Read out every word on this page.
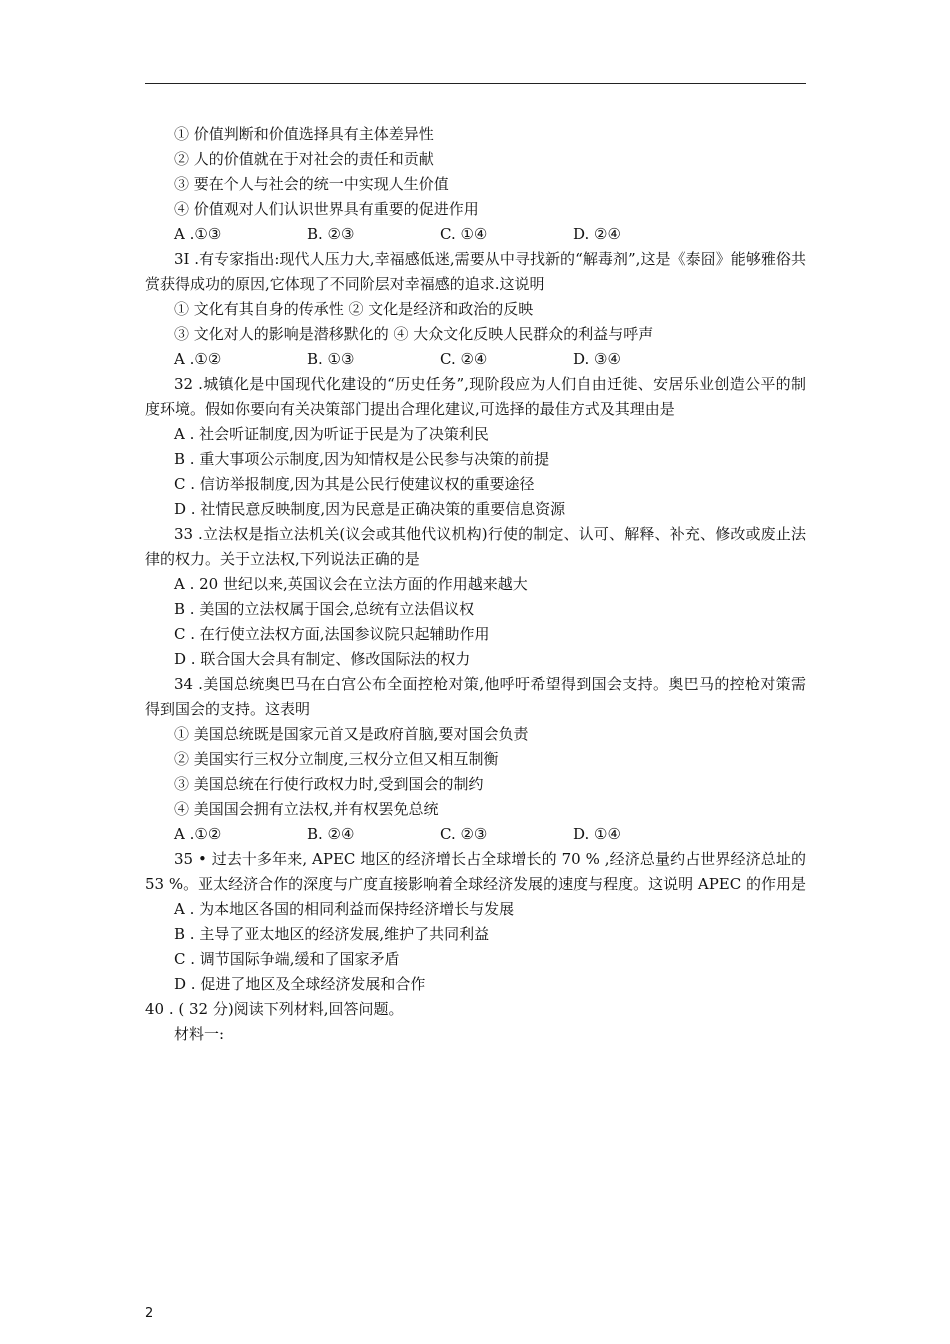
① 价值判断和价值选择具有主体差异性
② 人的价值就在于对社会的责任和贡献
③ 要在个人与社会的统一中实现人生价值
④ 价值观对人们认识世界具有重要的促进作用
A .①③	B. ②③	C. ①④	D. ②④
3I .有专家指出:现代人压力大,幸福感低迷,需要从中寻找新的“解毒剂”,这是《泰囧》能够雅俗共赏获得成功的原因,它体现了不同阶层对幸福感的追求.这说明
① 文化有其自身的传承性 ② 文化是经济和政治的反映
③ 文化对人的影响是潜移默化的 ④ 大众文化反映人民群众的利益与呼声
A .①②	B. ①③	C. ②④	D. ③④
32 .城镇化是中国现代化建设的“历史任务”,现阶段应为人们自由迁徙、安居乐业创造公平的制度环境。假如你要向有关决策部门提出合理化建议,可选择的最佳方式及其理由是
A . 社会听证制度,因为听证于民是为了决策利民
B . 重大事项公示制度,因为知情权是公民参与决策的前提
C . 信访举报制度,因为其是公民行使建议权的重要途径
D . 社情民意反映制度,因为民意是正确决策的重要信息资源
33 .立法权是指立法机关(议会或其他代议机构)行使的制定、认可、解释、补充、修改或废止法律的权力。关于立法权,下列说法正确的是
A . 20 世纪以来,英国议会在立法方面的作用越来越大
B . 美国的立法权属于国会,总统有立法倡议权
C . 在行使立法权方面,法国参议院只起辅助作用
D . 联合国大会具有制定、修改国际法的权力
34 .美国总统奥巴马在白宫公布全面控枪对策,他呼吁希望得到国会支持。奥巴马的控枪对策需得到国会的支持。这表明
① 美国总统既是国家元首又是政府首脑,要对国会负责
② 美国实行三权分立制度,三权分立但又相互制衡
③ 美国总统在行使行政权力时,受到国会的制约
④ 美国国会拥有立法权,并有权罢免总统
A .①②	B. ②④	C. ②③	D. ①④
35 • 过去十多年来, APEC 地区的经济增长占全球增长的 70 % ,经济总量约占世界经济总址的 53 %。亚太经济合作的深度与广度直接影响着全球经济发展的速度与程度。这说明 APEC 的作用是
A . 为本地区各国的相同利益而保持经济增长与发展
B . 主导了亚太地区的经济发展,维护了共同利益
C . 调节国际争端,缓和了国家矛盾
D . 促进了地区及全球经济发展和合作
40 . ( 32 分)阅读下列材料,回答问题。
材料一:
2
